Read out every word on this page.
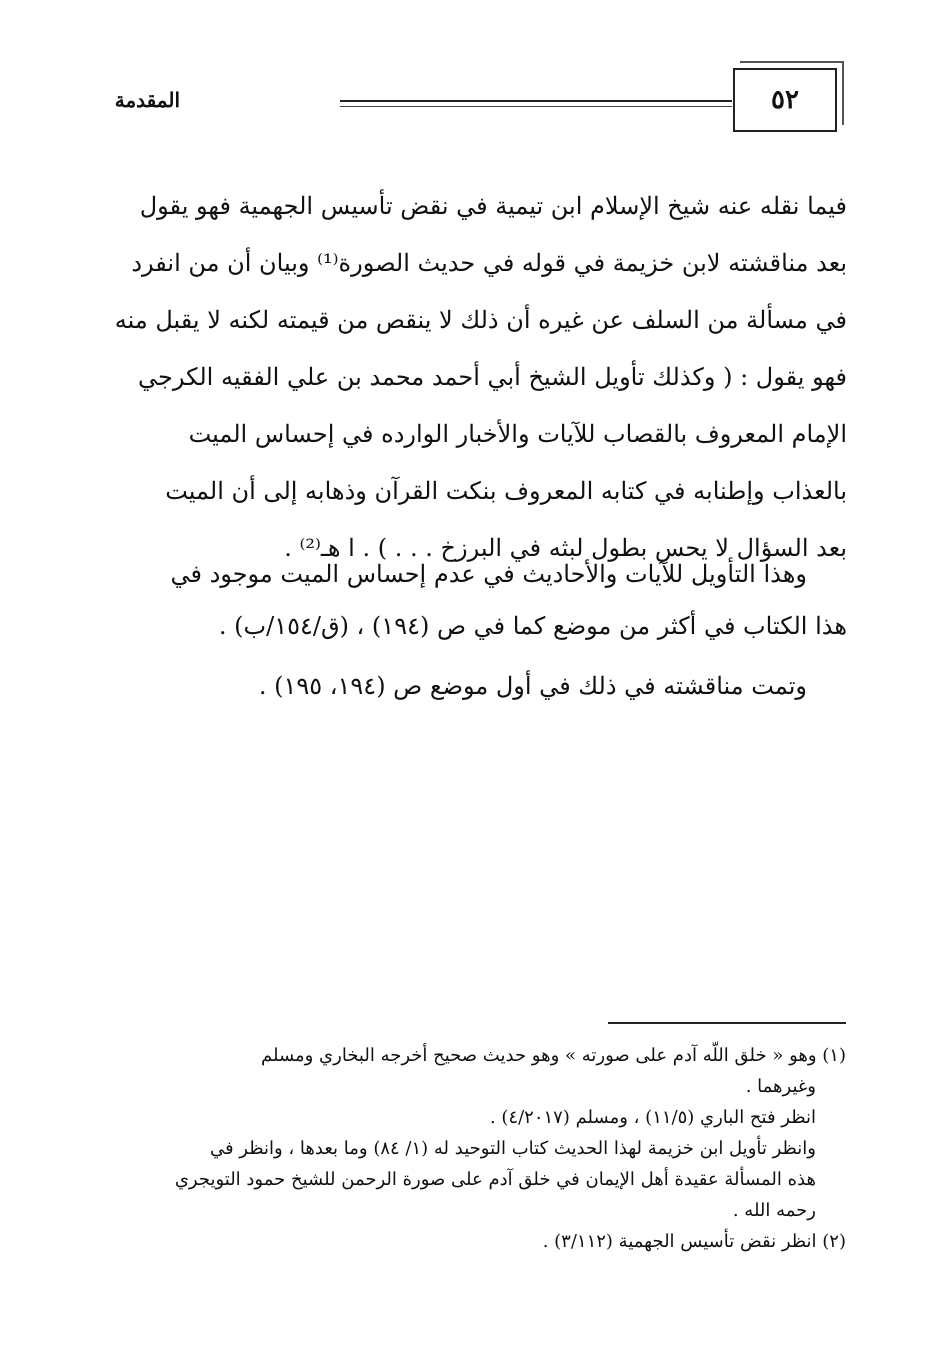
٥٢
المقدمة

فيما نقله عنه شيخ الإسلام ابن تيمية في نقض تأسيس الجهمية فهو يقول

بعد مناقشته لابن خزيمة في قوله في حديث الصورة⁽¹⁾ وبيان أن من انفرد

في مسألة من السلف عن غيره أن ذلك لا ينقص من قيمته لكنه لا يقبل منه

فهو يقول : ( وكذلك تأويل الشيخ أبي أحمد محمد بن علي الفقيه الكرجي

الإمام المعروف بالقصاب للآيات والأخبار الوارده في إحساس الميت

بالعذاب وإطنابه في كتابه المعروف بنكت القرآن وذهابه إلى أن الميت

بعد السؤال لا يحس بطول لبثه في البرزخ . . . ) . ا هـ⁽²⁾ .

وهذا التأويل للآيات والأحاديث في عدم إحساس الميت موجود في

هذا الكتاب في أكثر من موضع كما في ص (١٩٤) ، (ق/١٥٤/ب) .

وتمت مناقشته في ذلك في أول موضع ص (١٩٤، ١٩٥) .

(١) وهو « خلق اللّه آدم على صورته » وهو حديث صحيح أخرجه البخاري ومسلم

وغيرهما .

انظر فتح الباري (١١/٥) ، ومسلم (٤/٢٠١٧) .

وانظر تأويل ابن خزيمة لهذا الحديث كتاب التوحيد له (١/ ٨٤) وما بعدها ، وانظر في

هذه المسألة عقيدة أهل الإيمان في خلق آدم على صورة الرحمن للشيخ حمود التويجري

رحمه الله .

(٢) انظر نقض تأسيس الجهمية (٣/١١٢) .
